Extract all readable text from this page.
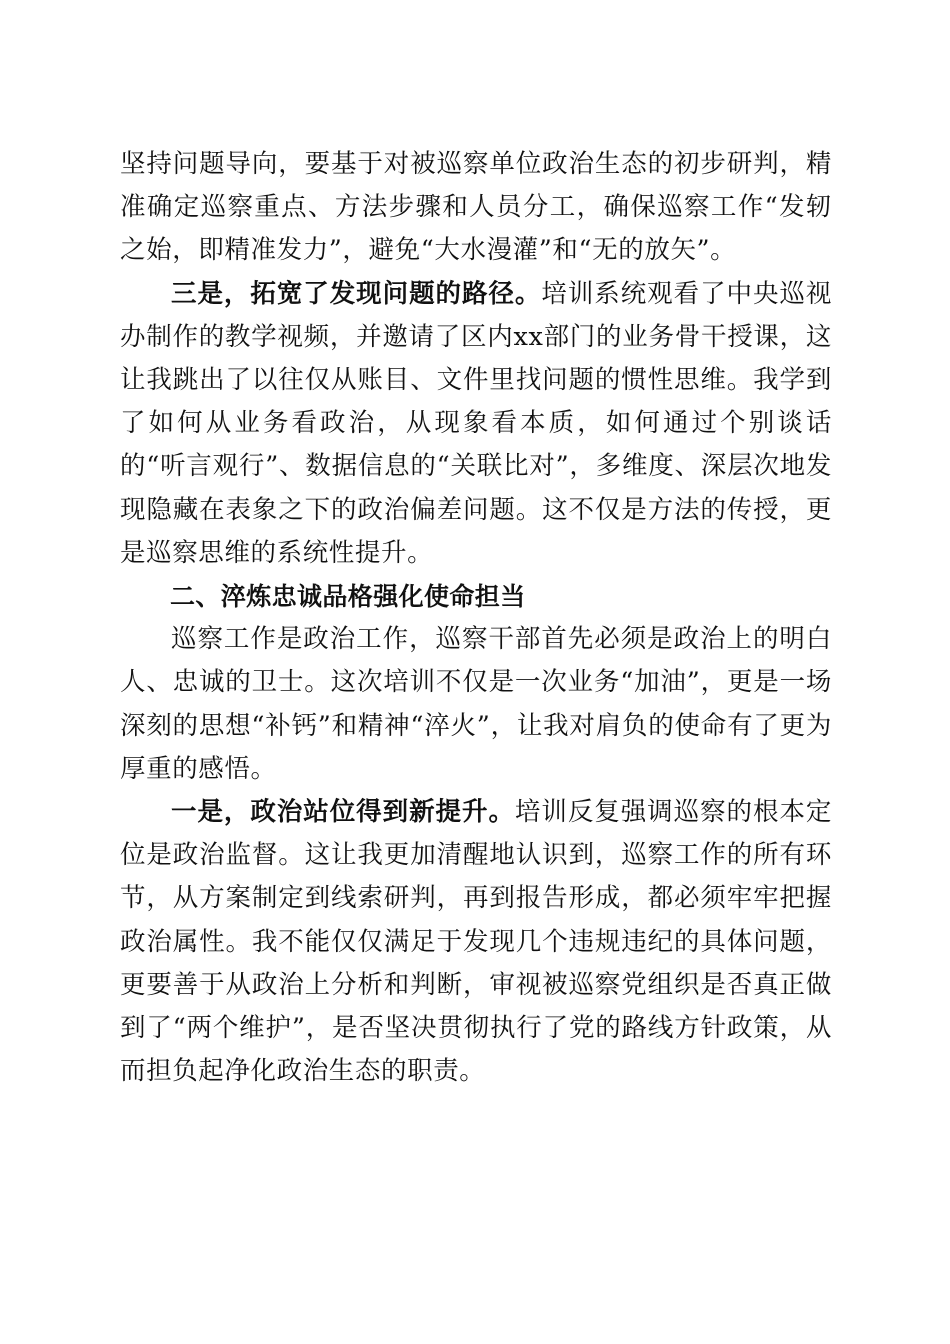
坚持问题导向，要基于对被巡察单位政治生态的初步研判，精准确定巡察重点、方法步骤和人员分工，确保巡察工作“发轫之始，即精准发力”，避免“大水漫灌”和“无的放矢”。

三是，拓宽了发现问题的路径。培训系统观看了中央巡视办制作的教学视频，并邀请了区内xx部门的业务骨干授课，这让我跳出了以往仅从账目、文件里找问题的惯性思维。我学到了如何从业务看政治，从现象看本质，如何通过个别谈话的“听言观行”、数据信息的“关联比对”，多维度、深层次地发现隐藏在表象之下的政治偏差问题。这不仅是方法的传授，更是巡察思维的系统性提升。

二、淬炼忠诚品格强化使命担当

巡察工作是政治工作，巡察干部首先必须是政治上的明白人、忠诚的卫士。这次培训不仅是一次业务“加油”，更是一场深刻的思想“补钙”和精神“淬火”，让我对肩负的使命有了更为厚重的感悟。

一是，政治站位得到新提升。培训反复强调巡察的根本定位是政治监督。这让我更加清醒地认识到，巡察工作的所有环节，从方案制定到线索研判，再到报告形成，都必须牢牢把握政治属性。我不能仅仅满足于发现几个违规违纪的具体问题，更要善于从政治上分析和判断，审视被巡察党组织是否真正做到了“两个维护”，是否坚决贯彻执行了党的路线方针政策，从而担负起净化政治生态的职责。
